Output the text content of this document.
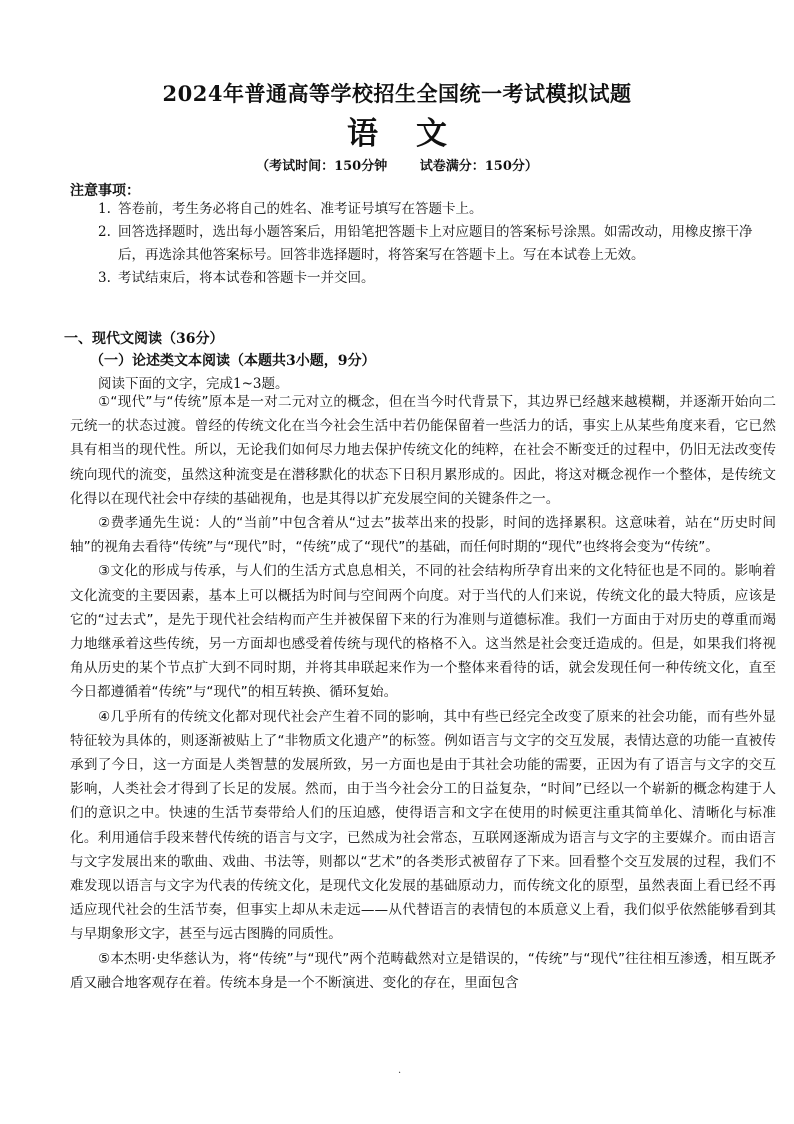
2024年普通高等学校招生全国统一考试模拟试题
语文
（考试时间：150分钟	试卷满分：150分）
注意事项：
1. 答卷前，考生务必将自己的姓名、准考证号填写在答题卡上。
2. 回答选择题时，选出每小题答案后，用铅笔把答题卡上对应题目的答案标号涂黑。如需改动，用橡皮擦干净后，再选涂其他答案标号。回答非选择题时，将答案写在答题卡上。写在本试卷上无效。
3. 考试结束后，将本试卷和答题卡一并交回。
一、现代文阅读（36分）
（一）论述类文本阅读（本题共3小题，9分）
阅读下面的文字，完成1~3题。

①“现代”与“传统”原本是一对二元对立的概念，但在当今时代背景下，其边界已经越来越模糊，并逐渐开始向二元统一的状态过渡。曾经的传统文化在当今社会生活中若仍能保留着一些活力的话，事实上从某些角度来看，它已然具有相当的现代性。所以，无论我们如何尽力地去保护传统文化的纯粹，在社会不断变迁的过程中，仍旧无法改变传统向现代的流变，虽然这种流变是在潜移默化的状态下日积月累形成的。因此，将这对概念视作一个整体，是传统文化得以在现代社会中存续的基础视角，也是其得以扩充发展空间的关键条件之一。

②费孝通先生说：人的“当前”中包含着从“过去”拔萃出来的投影，时间的选择累积。这意味着，站在“历史时间轴”的视角去看待“传统”与“现代”时，“传统”成了“现代”的基础，而任何时期的“现代”也终将会变为“传统”。

③文化的形成与传承，与人们的生活方式息息相关，不同的社会结构所孕育出来的文化特征也是不同的。影响着文化流变的主要因素，基本上可以概括为时间与空间两个向度。对于当代的人们来说，传统文化的最大特质，应该是它的“过去式”，是先于现代社会结构而产生并被保留下来的行为准则与道德标准。我们一方面由于对历史的尊重而竭力地继承着这些传统，另一方面却也感受着传统与现代的格格不入。这当然是社会变迁造成的。但是，如果我们将视角从历史的某个节点扩大到不同时期，并将其串联起来作为一个整体来看待的话，就会发现任何一种传统文化，直至今日都遵循着“传统”与“现代”的相互转换、循环复始。

④几乎所有的传统文化都对现代社会产生着不同的影响，其中有些已经完全改变了原来的社会功能，而有些外显特征较为具体的，则逐渐被贴上了“非物质文化遗产”的标签。例如语言与文字的交互发展，表情达意的功能一直被传承到了今日，这一方面是人类智慧的发展所致，另一方面也是由于其社会功能的需要，正因为有了语言与文字的交互影响，人类社会才得到了长足的发展。然而，由于当今社会分工的日益复杂，“时间”已经以一个崭新的概念构建于人们的意识之中。快速的生活节奏带给人们的压迫感，使得语言和文字在使用的时候更注重其简单化、清晰化与标准化。利用通信手段来替代传统的语言与文字，已然成为社会常态，互联网逐渐成为语言与文字的主要媒介。而由语言与文字发展出来的歌曲、戏曲、书法等，则都以“艺术”的各类形式被留存了下来。回看整个交互发展的过程，我们不难发现以语言与文字为代表的传统文化，是现代文化发展的基础原动力，而传统文化的原型，虽然表面上看已经不再适应现代社会的生活节奏，但事实上却从未走远——从代替语言的表情包的本质意义上看，我们似乎依然能够看到其与早期象形文字，甚至与远古图腾的同质性。

⑤本杰明·史华慈认为，将“传统”与“现代”两个范畴截然对立是错误的，“传统”与“现代”往往相互渗透，相互既矛盾又融合地客观存在着。传统本身是一个不断演进、变化的存在，里面包含

·
